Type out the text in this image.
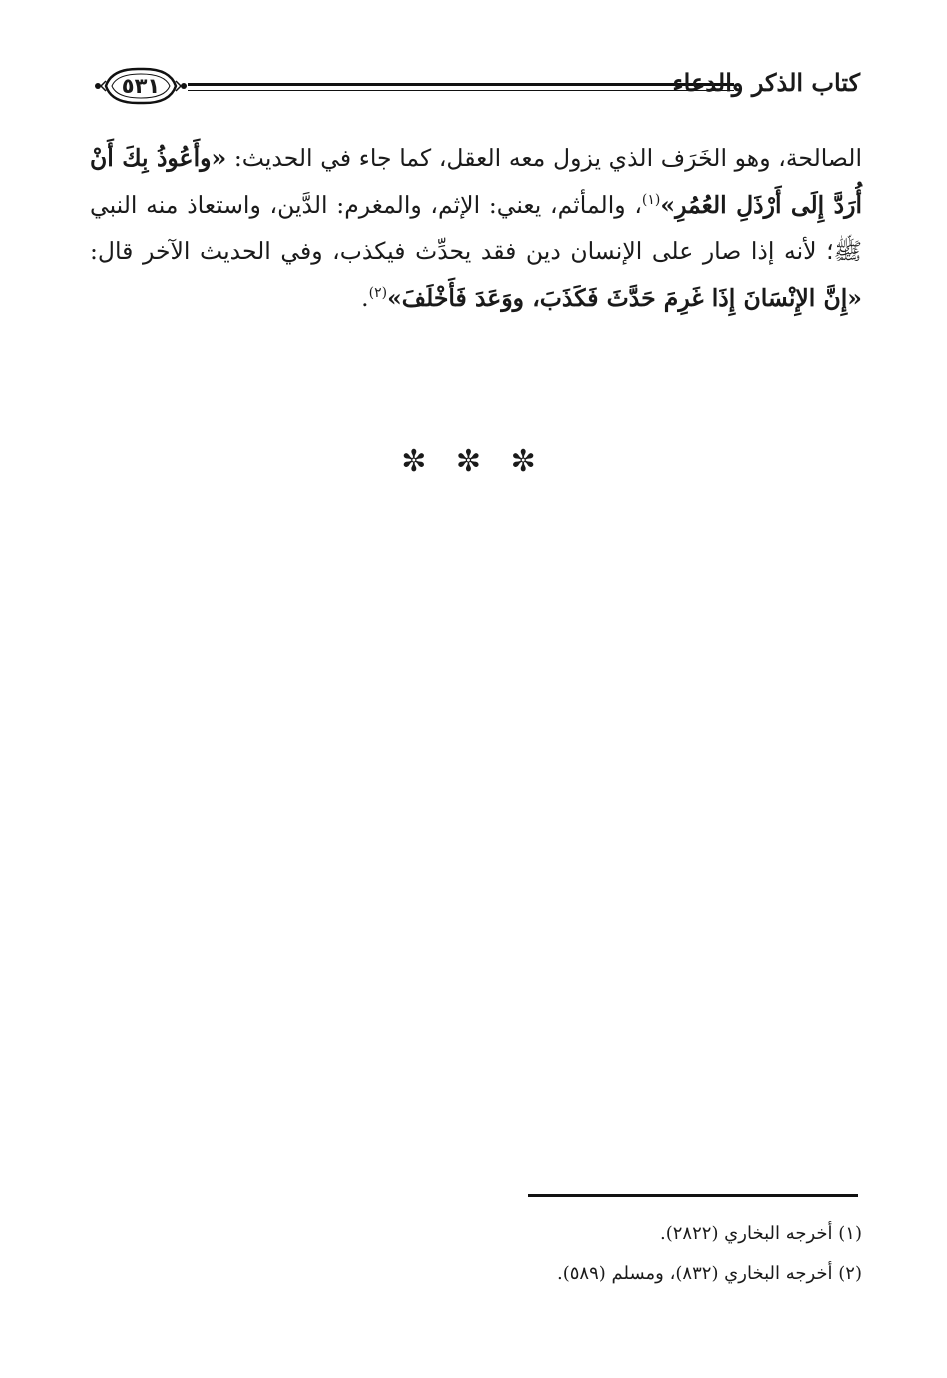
٥٣١	كتاب الذكر والدعاء

الصالحة، وهو الخَرَف الذي يزول معه العقل، كما جاء في الحديث: «وأَعُوذُ بِكَ أَنْ أُرَدَّ إِلَى أَرْذَلِ العُمُرِ»$^{(١)}$، والمأثم، يعني: الإثم، والمغرم: الدَّين، واستعاذ منه النبي ﷺ؛ لأنه إذا صار على الإنسان دين فقد يحدِّث فيكذب، وفي الحديث الآخر قال: «إِنَّ الإِنْسَانَ إِذَا غَرِمَ حَدَّثَ فَكَذَبَ، ووَعَدَ فَأَخْلَفَ»$^{(٢)}$.

✼ ✼ ✼
(١) أخرجه البخاري (٢٨٢٢).
(٢) أخرجه البخاري (٨٣٢)، ومسلم (٥٨٩).
